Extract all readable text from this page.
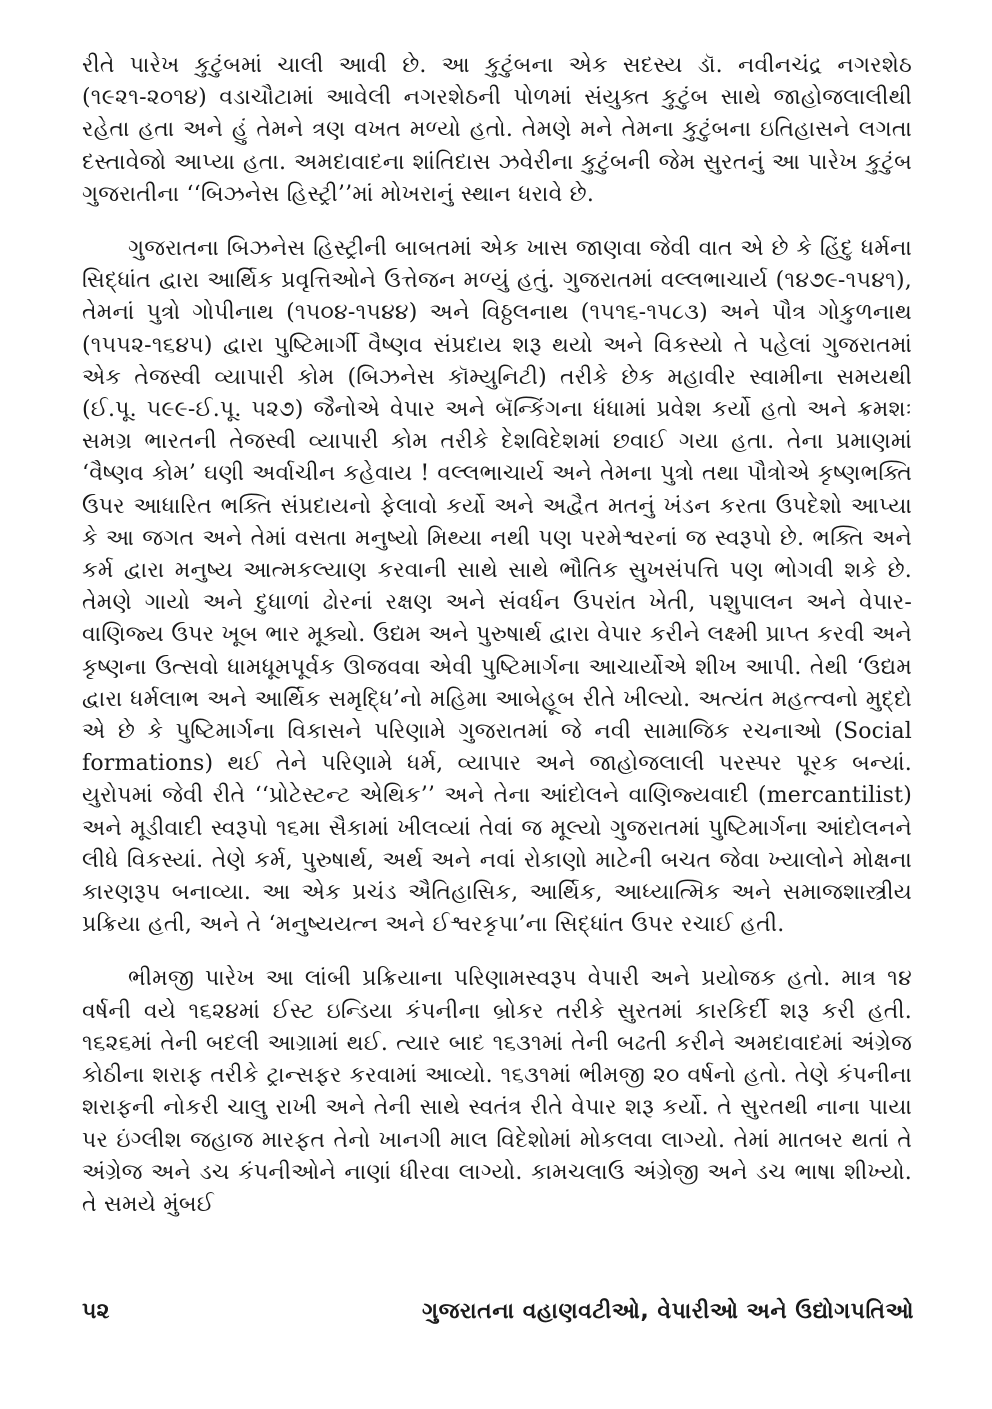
રીતે પારેખ કુટુંબમાં ચાલી આવી છે. આ કુટુંબના એક સદસ્ય ડૉ. નવીનચંદ્ર નગરશેઠ (૧૯૨૧-૨૦૧૪) વડાચૌટામાં આવેલી નગરશેઠની પોળમાં સંયુક્ત કુટુંબ સાથે જાહોજલાલીથી રહેતા હતા અને હું તેમને ત્રણ વખત મળ્યો હતો. તેમણે મને તેમના કુટુંબના ઇતિહાસને લગતા દસ્તાવેજો આપ્યા હતા. અમદાવાદના શાંતિદાસ ઝવેરીના કુટુંબની જેમ સુરતનું આ પારેખ કુટુંબ ગુજરાતીના ‘‘બિઝનેસ હિસ્ટ્રી’’માં મોખરાનું સ્થાન ધરાવે છે.

ગુજરાતના બિઝનેસ હિસ્ટ્રીની બાબતમાં એક ખાસ જાણવા જેવી વાત એ છે કે હિંદુ ધર્મના સિદ્ધાંત દ્વારા આર્થિક પ્રવૃત્તિઓને ઉત્તેજન મળ્યું હતું. ગુજરાતમાં વલ્લભાચાર્ય (૧૪૭૯-૧૫૪૧), તેમનાં પુત્રો ગોપીનાથ (૧૫૦૪-૧૫૪૪) અને વિઠ્ઠલનાથ (૧૫૧૬-૧૫૮૩) અને પૌત્ર ગોકુળનાથ (૧૫૫૨-૧૬૪૫) દ્વારા પુષ્ટિમાર્ગી વૈષ્ણવ સંપ્રદાય શરૂ થયો અને વિકસ્યો તે પહેલાં ગુજરાતમાં એક તેજસ્વી વ્યાપારી કોમ (બિઝનેસ કૉમ્યુનિટી) તરીકે છેક મહાવીર સ્વામીના સમયથી (ઈ.પૂ. ૫૯૯-ઈ.પૂ. ૫૨૭) જૈનોએ વેપાર અને બૅન્કિંગના ધંધામાં પ્રવેશ કર્યો હતો અને ક્રમશઃ સમગ્ર ભારતની તેજસ્વી વ્યાપારી કોમ તરીકે દેશવિદેશમાં છવાઈ ગયા હતા. તેના પ્રમાણમાં ‘વૈષ્ણવ કોમ’ ઘણી અર્વાચીન કહેવાય ! વલ્લભાચાર્ય અને તેમના પુત્રો તથા પૌત્રોએ કૃષ્ણભક્તિ ઉપર આધારિત ભક્તિ સંપ્રદાયનો ફેલાવો કર્યો અને અદ્વૈત મતનું ખંડન કરતા ઉપદેશો આપ્યા કે આ જગત અને તેમાં વસતા મનુષ્યો મિથ્યા નથી પણ પરમેશ્વરનાં જ સ્વરૂપો છે. ભક્તિ અને કર્મ દ્વારા મનુષ્ય આત્મકલ્યાણ કરવાની સાથે સાથે ભૌતિક સુખસંપત્તિ પણ ભોગવી શકે છે. તેમણે ગાયો અને દુધાળાં ઢોરનાં રક્ષણ અને સંવર્ધન ઉપરાંત ખેતી, પશુપાલન અને વેપાર-વાણિજ્ય ઉપર ખૂબ ભાર મૂક્યો. ઉદ્યમ અને પુરુષાર્થ દ્વારા વેપાર કરીને લક્ષ્મી પ્રાપ્ત કરવી અને કૃષ્ણના ઉત્સવો ધામધૂમપૂર્વક ઊજવવા એવી પુષ્ટિમાર્ગના આચાર્યોએ શીખ આપી. તેથી ‘ઉદ્યમ દ્વારા ધર્મલાભ અને આર્થિક સમૃદ્ધિ’નો મહિમા આબેહૂબ રીતે ખીલ્યો. અત્યંત મહત્ત્વનો મુદ્દો એ છે કે પુષ્ટિમાર્ગના વિકાસને પરિણામે ગુજરાતમાં જે નવી સામાજિક રચનાઓ (Social formations) થઈ તેને પરિણામે ધર્મ, વ્યાપાર અને જાહોજલાલી પરસ્પર પૂરક બન્યાં. યુરોપમાં જેવી રીતે ‘‘પ્રોટેસ્ટન્ટ એથિક’’ અને તેના આંદોલને વાણિજ્યવાદી (mercantilist) અને મૂડીવાદી સ્વરૂપો ૧૬મા સૈકામાં ખીલવ્યાં તેવાં જ મૂલ્યો ગુજરાતમાં પુષ્ટિમાર્ગના આંદોલનને લીધે વિકસ્યાં. તેણે કર્મ, પુરુષાર્થ, અર્થ અને નવાં રોકાણો માટેની બચત જેવા ખ્યાલોને મોક્ષના કારણરૂપ બનાવ્યા. આ એક પ્રચંડ ઐતિહાસિક, આર્થિક, આધ્યાત્મિક અને સમાજશાસ્ત્રીય પ્રક્રિયા હતી, અને તે ‘મનુષ્યયત્ન અને ઈશ્વરકૃપા’ના સિદ્ધાંત ઉપર રચાઈ હતી.

ભીમજી પારેખ આ લાંબી પ્રક્રિયાના પરિણામસ્વરૂપ વેપારી અને પ્રયોજક હતો. માત્ર ૧૪ વર્ષની વયે ૧૬૨૪માં ઈસ્ટ ઇન્ડિયા કંપનીના બ્રોકર તરીકે સુરતમાં કારકિર્દી શરૂ કરી હતી. ૧૬૨૬માં તેની બદલી આગ્રામાં થઈ. ત્યાર બાદ ૧૬૩૧માં તેની બઢતી કરીને અમદાવાદમાં અંગ્રેજ કોઠીના શરાફ તરીકે ટ્રાન્સફર કરવામાં આવ્યો. ૧૬૩૧માં ભીમજી ૨૦ વર્ષનો હતો. તેણે કંપનીના શરાફની નોકરી ચાલુ રાખી અને તેની સાથે સ્વતંત્ર રીતે વેપાર શરૂ કર્યો. તે સુરતથી નાના પાયા પર ઇંગ્લીશ જહાજ મારફત તેનો ખાનગી માલ વિદેશોમાં મોકલવા લાગ્યો. તેમાં માતબર થતાં તે અંગ્રેજ અને ડચ કંપનીઓને નાણાં ધીરવા લાગ્યો. કામચલાઉ અંગ્રેજી અને ડચ ભાષા શીખ્યો. તે સમયે મુંબઈ

૫૨	ગુજરાતના વહાણવટીઓ, વેપારીઓ અને ઉદ્યોગપતિઓ
